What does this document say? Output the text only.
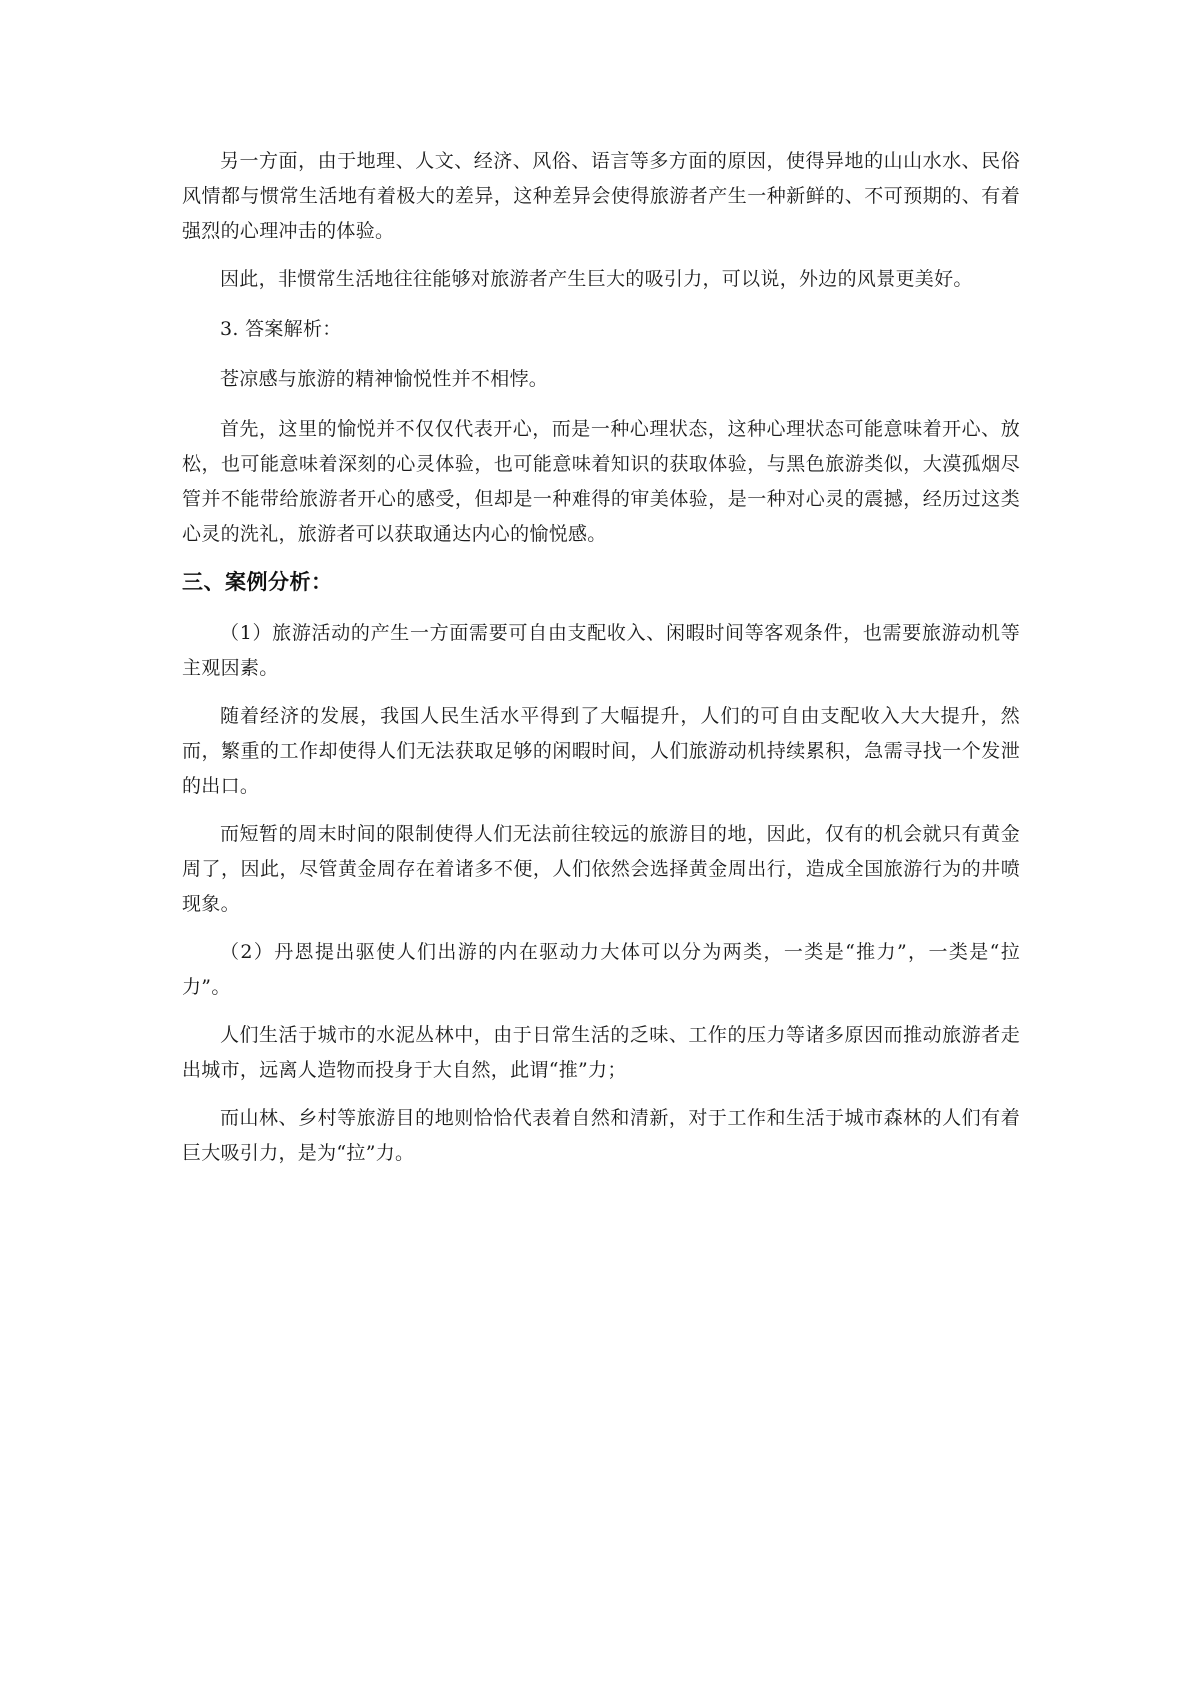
另一方面，由于地理、人文、经济、风俗、语言等多方面的原因，使得异地的山山水水、民俗风情都与惯常生活地有着极大的差异，这种差异会使得旅游者产生一种新鲜的、不可预期的、有着强烈的心理冲击的体验。

因此，非惯常生活地往往能够对旅游者产生巨大的吸引力，可以说，外边的风景更美好。

3. 答案解析：

苍凉感与旅游的精神愉悦性并不相悖。

首先，这里的愉悦并不仅仅代表开心，而是一种心理状态，这种心理状态可能意味着开心、放松，也可能意味着深刻的心灵体验，也可能意味着知识的获取体验，与黑色旅游类似，大漠孤烟尽管并不能带给旅游者开心的感受，但却是一种难得的审美体验，是一种对心灵的震撼，经历过这类心灵的洗礼，旅游者可以获取通达内心的愉悦感。

三、案例分析：

（1）旅游活动的产生一方面需要可自由支配收入、闲暇时间等客观条件，也需要旅游动机等主观因素。

随着经济的发展，我国人民生活水平得到了大幅提升，人们的可自由支配收入大大提升，然而，繁重的工作却使得人们无法获取足够的闲暇时间，人们旅游动机持续累积，急需寻找一个发泄的出口。

而短暂的周末时间的限制使得人们无法前往较远的旅游目的地，因此，仅有的机会就只有黄金周了，因此，尽管黄金周存在着诸多不便，人们依然会选择黄金周出行，造成全国旅游行为的井喷现象。

（2）丹恩提出驱使人们出游的内在驱动力大体可以分为两类，一类是“推力”，一类是“拉力”。

人们生活于城市的水泥丛林中，由于日常生活的乏味、工作的压力等诸多原因而推动旅游者走出城市，远离人造物而投身于大自然，此谓“推”力；

而山林、乡村等旅游目的地则恰恰代表着自然和清新，对于工作和生活于城市森林的人们有着巨大吸引力，是为“拉”力。
